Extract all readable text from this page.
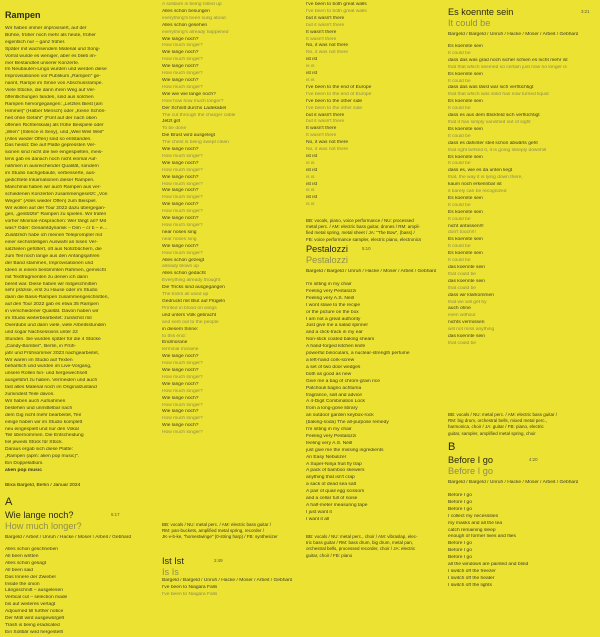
Rampen
Wir haben immer improvisiert, auf der
Bühne, früher noch mehr als heute, früher
eigentlich nur – ganz früher.
Später mit wachsendem Material und Song-
Vorrat wurde es weniger, aber es blieb im-
mer Bestandteil unserer Konzerte.
Im Neubauten-Lingo wurden und werden diese
Improvisationen vor Publikum „Rampen" ge-
nannt, Rampe im Sinne von Abschussrampe.
Viele Stücke, die dann ihren Weg auf Ver-
öffentlichungen fanden, sind aus solchen
Rampen hervorgegangen: „Letztes Biest (am
Himmel)" (Halber Mensch) oder „Keine Schön-
heit ohne Gefahr" (Fünf auf der nach oben
offenen Richterskala) als frühe Beispiele oder
„Wien" (Silence is Sexy), und „Weil Weil Weil"
(Alles wieder Offen) sind so entstanden.
Das heisst: Die auf Platte gepressten Ver-
sionen sind nicht die live eingespielten, meis-
tens gab es danach noch nicht einmal Auf-
nahmen in ausreichender Qualität, sondern
im Studio nachgebaute, verbesserte, aus-
gedichtete Inkarnationen dieser Rampen.
Manchmal haben wir auch Rampen aus ver-
schiedenen Konzerten zusammengesetzt: „Von
Wegen" (Alles wieder Offen) zum Beispiel.
Wir wollen auf der Tour 2022 dazu übergegan-
gen, „gestützte" Rampen zu spielen. Wir trafen
vorher Minimal-Absprachen: Wer fängt an? Mit
was? Oder: Gesamtdynamik – Dim – cr b – e…
Zusätzlich habe ich meinen Teleprompter mit
einer sechsstelligen Auswahl an losen Ver-
satzteilen gefüttert, oft aus Notizbüchern, die
zum Teil noch lange aus den Anfangsjahren
der Band stammen, Improvisationen und
Ideen in einem bestimmten Rahmen, gemischt
mit Textfragmenten zu denen ich dann
bereit war. Diese haben wir mitgeschnitten
sehr präzise, erst zu Hause oder im Studio
dann die Basis-Rampen zusammengeschnitten,
auf den Tour 2022 gab es etwa 35 Rampen
in verschiedener Qualität. Davon haben wir
im Studio weiterbearbeitet: zunächst mit
Overdubs und dann viele, viele Arbeitsstunden
und sogar Nachsessions unter 22
Stunden. Sie wurden später für die 4 Stücke
„Candy-Bomber", Berlin, in Früh-
jahr und Frühsommer 2023 nachgearbeitet,
Wir waren im Studio auf Texten
beharrlich und wurden im Live-Vorgang,
unsere Rollen hin- und hergewechselt
ausgeführt zu haben. Vermeiden und auch
fast alles Material noch im Originalzustand
zumindest Teile davon.
Wir haben auch Aufnahmen
bestehen und unmittelbar nach
dem Gig nicht mehr bearbeitet, Teil
einige haben wir im Studio komplett
neu eingespielt und nur den Vokal
Teil übernommen. Die Entscheidung
fiel jeweils Stück für Stück.
Daraus ergab sich diese Platte:
„Rampen (apm: alien pop music)".
Ein Doppelalbum.
alien pop music
Blixa Bargeld, Berlin / Januar 2024
A
Wie lange noch?	5:17
How much longer?
Bargeld / Arbeit / Unruh / Hacke / Moser / Arbeit / Gebhard
Alles schon geschrieben
All been written
Alles schon gesagt
All been said
Das Innere der Zwiebel
Inside the onion
Längsschnitt – ausgelesen
Vertical cut – selection made
bis auf weiteres vertagt
Adjourned till further notice
Der Müll wird ausgewürgelt
Trash is being eradicated
Ein Sollbär wird hergestellt
A solitaire is being rolled up
Alles schon besungen
everything's been sung about
Alles schon gesehen
everything's already happened
Wie lange noch?
How much longer?
Wie lange noch?
How much longer?
Wie lange noch?
How much longer?
Wie lange noch?
How much longer?
Wie wie wie lange noch?
How how how much longer?
Der Schnitt durchs Ladekabel
The cut through the charger cable
Jetzt gilt
To be done
Die Brust wird ausgelegt
The chest is being swept clean
Wie lange noch?
How much longer?
Wie lange noch?
How much longer?
Wie lange noch?
How much longer?
Wie lange noch?
How much longer?
Wie lange noch?
How much longer?
Wie lange noch?
How much longer?
near noses sing
near noses sing
Wie lange noch?
How much longer?
Alles schon gezeigt
already blown up
Alles schon gedacht
Everything already thought
Die Tricks sind ausgegangen
The tricks all used up
Gedruckt mit Blut auf Flügeln
Printed in blood on wings
und unters Volk gebracht
and sent out to the people
in diesem Sinne:
to this end:
Endmorane
terminal moraine
Wie lange noch?
How much longer?
Wie lange noch?
How much longer?
Wie lange noch?
How much longer?
Wie lange noch?
How much longer?
Wie lange noch?
How much longer?
Wie lange noch?
How much longer?
BB: vocals / NU: metal perc. / AM: electric bass guitar /
RM: pan-buckets, amplified metal spring, recorder /
JK-v-b-ke, "homestwinge" (0-string harp) / FB: synthesizer
Ist Ist	2:49
Is Is
Bargeld / Bargeld / Unruh / Hacke / Moser / Arbeit / Gebhard
I've been to Niagara Falls
I've been to Niagara Falls
I've been to both great walls
I've been to both great walls
but it wasn't there
but it wasn't there
It wasn't there
It wasn't there
No, it was not there
No, it was not there
ist ist
is is
ist ist
is is
I've been to the end of Europe
I've been to the end of Europe
I've been to the other side
I've been to the other side
but it wasn't there
but it wasn't there
It wasn't there
It wasn't there
No, it was not there
No, it was not there
ist ist
is is
ist ist
is is
ist ist
is is
ist ist
is is
BB: vocals, piano, voice performance / NU: processed
metal perc. / AM: electric bass guitar, drones / RM: ampli-
fied metal spring, metal sheet / JA: "The Bow", (bass) /
FB: voice performance sampler, electric piano, electronics
Pestalozzi	5:10
Pestalozzi
Bargeld / Bargeld / Unruh / Hacke / Moser / Arbeit / Gebhard
I'm sitting in my chair
Feeling very Pestalozzi
Feeling very A.S. Neill
I wont slave to the recipe
or the picture on the box
I am not a great authority
Just give me a salad spinner
and a click-track in my ear
Non-stick coated baking shears
A hand-forged kitchen knife
powerful binoculars, a nuclear-strength perfume
a left-hand cork-screw
a set of two door wedges
both as good as new
Give me a bag of chrom-grain rice
Patchouli bagno achtuma
fragrance, salt and advice
A 4-Digit Combination Lock
from a long-gone library
an outdoor garden keybox-rock
(baking-soda) The all-purpose remedy
I'm sitting in my chair
Feeling very Pestalozzi
feeling very A.S. Neill
just give me the missing ingredients
An Easy Nebulizer
A Super-Ninja fruit fly trap
A pack of bamboo skewers
anything that isn't crap
a sack of dead sea salt
A pair of quail egg scissors
and a cellar full of noise
A half-meter measuring tape
I just want it
I want it all
BB: vocals / NU: metal perc., choir / AM: vibraslap, elec-
tric bass guitar / RM: bass drum, big drum, metal pan,
orchestral bells, processed recorder, choir / JA: electric
guitar, choir / FB: piano
Es koennte sein	3:21
It could be
Bargeld / Bargeld / Unruh / Hacke / Moser / Arbeit / Gebhard
Es koennte sein
It could be
dass das was grad noch sicher schien es nicht mehr ist
that that which seemed so certain just now no longer is
Es koennte sein
It could be
dass das was lässt war sich verflüchtigt
that that which was solid has now turned liquid
Es koennte sein
It could be
dass es aus dem Blickfeld sich verflüchtigt
that it has simply vanished out of sight
Es koennte sein
It could be
dass es dahinter steil schon abwärts geht
that right behind it, it is going steeply downhill
Es koennte sein
It could be
dass es, wie es da unten liegt
that, the way it is lying down there,
kaum noch erkennbar ist
it barely can be recognized
Es koennte sein
It could be
Es koennte sein
It could be
nicht anfassen!!!
don't touch!!!
Es koennte sein
It could be
Es koennte sein
It could be
das koennte sein
that could be
das koennte sein
that could be
dass wir klarkommen
that we will get by
auch ohne
even without
nichts vermissen
will not miss anything
das koennte sein
that could be
BB: vocals / NU: metal perc. / AM: electric bass guitar /
RM: big drum, orchestral bells, mixed metal perc.,
harmonica, choir / JA: guitar / FB: piano, electric
guitar, sampler, amplified metal spring, choir
B
Before I go	4:20
Before I go
Bargeld / Bargeld / Unruh / Hacke / Moser / Arbeit / Gebhard
Before I go
Before I go
Before I go
I collect my necessities
my masks and all the tea
catch remaining sleep
enough of former lives and flies
Before I go
Before I go
Before I go
all the windows are painted and blind
I switch off the freezer
I switch off the heater
I switch off the lights
